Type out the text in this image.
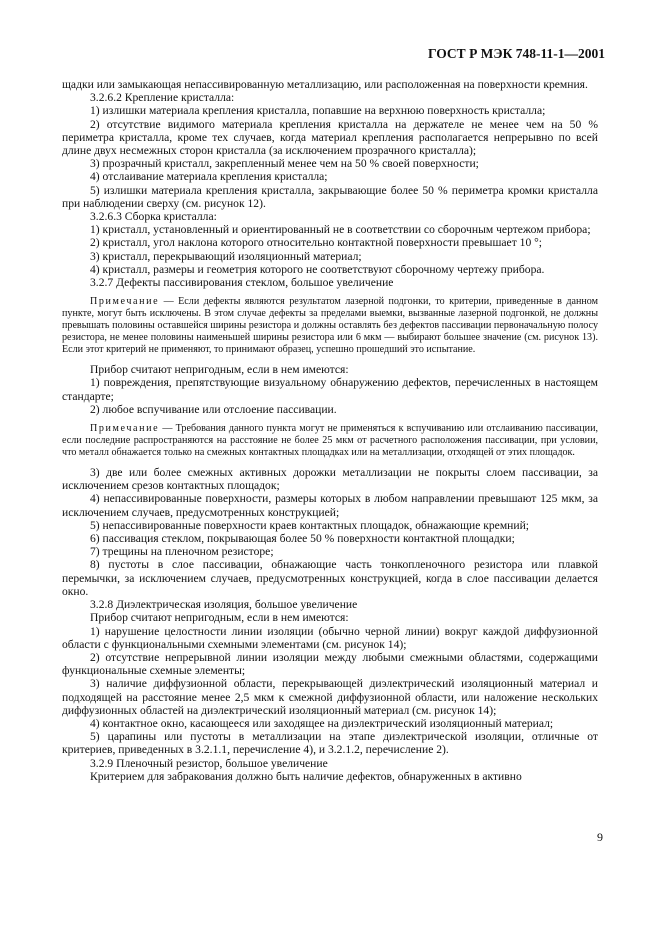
ГОСТ Р МЭК 748-11-1—2001

щадки или замыкающая непассивированную металлизацию, или расположенная на поверхности кремния.

3.2.6.2 Крепление кристалла:

1) излишки материала крепления кристалла, попавшие на верхнюю поверхность кристалла;

2) отсутствие видимого материала крепления кристалла на держателе не менее чем на 50 % периметра кристалла, кроме тех случаев, когда материал крепления располагается непрерывно по всей длине двух несмежных сторон кристалла (за исключением прозрачного кристалла);

3) прозрачный кристалл, закрепленный менее чем на 50 % своей поверхности;

4) отслаивание материала крепления кристалла;

5) излишки материала крепления кристалла, закрывающие более 50 % периметра кромки кристалла при наблюдении сверху (см. рисунок 12).

3.2.6.3 Сборка кристалла:

1) кристалл, установленный и ориентированный не в соответствии со сборочным чертежом прибора;

2) кристалл, угол наклона которого относительно контактной поверхности превышает 10 °;

3) кристалл, перекрывающий изоляционный материал;

4) кристалл, размеры и геометрия которого не соответствуют сборочному чертежу прибора.

3.2.7 Дефекты пассивирования стеклом, большое увеличение

Примечание — Если дефекты являются результатом лазерной подгонки, то критерии, приведенные в данном пункте, могут быть исключены. В этом случае дефекты за пределами выемки, вызванные лазерной подгонкой, не должны превышать половины оставшейся ширины резистора и должны оставлять без дефектов пассивации первоначальную полосу резистора, не менее половины наименьшей ширины резистора или 6 мкм — выбирают большее значение (см. рисунок 13). Если этот критерий не применяют, то принимают образец, успешно прошедший это испытание.

Прибор считают непригодным, если в нем имеются:

1) повреждения, препятствующие визуальному обнаружению дефектов, перечисленных в настоящем стандарте;

2) любое вспучивание или отслоение пассивации.

Примечание — Требования данного пункта могут не применяться к вспучиванию или отслаиванию пассивации, если последние распространяются на расстояние не более 25 мкм от расчетного расположения пассивации, при условии, что металл обнажается только на смежных контактных площадках или на металлизации, отходящей от этих площадок.

3) две или более смежных активных дорожки металлизации не покрыты слоем пассивации, за исключением срезов контактных площадок;

4) непассивированные поверхности, размеры которых в любом направлении превышают 125 мкм, за исключением случаев, предусмотренных конструкцией;

5) непассивированные поверхности краев контактных площадок, обнажающие кремний;

6) пассивация стеклом, покрывающая более 50 % поверхности контактной площадки;

7) трещины на пленочном резисторе;

8) пустоты в слое пассивации, обнажающие часть тонкопленочного резистора или плавкой перемычки, за исключением случаев, предусмотренных конструкцией, когда в слое пассивации делается окно.

3.2.8 Диэлектрическая изоляция, большое увеличение

Прибор считают непригодным, если в нем имеются:

1) нарушение целостности линии изоляции (обычно черной линии) вокруг каждой диффузионной области с функциональными схемными элементами (см. рисунок 14);

2) отсутствие непрерывной линии изоляции между любыми смежными областями, содержащими функциональные схемные элементы;

3) наличие диффузионной области, перекрывающей диэлектрический изоляционный материал и подходящей на расстояние менее 2,5 мкм к смежной диффузионной области, или наложение нескольких диффузионных областей на диэлектрический изоляционный материал (см. рисунок 14);

4) контактное окно, касающееся или заходящее на диэлектрический изоляционный материал;

5) царапины или пустоты в металлизации на этапе диэлектрической изоляции, отличные от критериев, приведенных в 3.2.1.1, перечисление 4), и 3.2.1.2, перечисление 2).

3.2.9 Пленочный резистор, большое увеличение

Критерием для забракования должно быть наличие дефектов, обнаруженных в активно

9
